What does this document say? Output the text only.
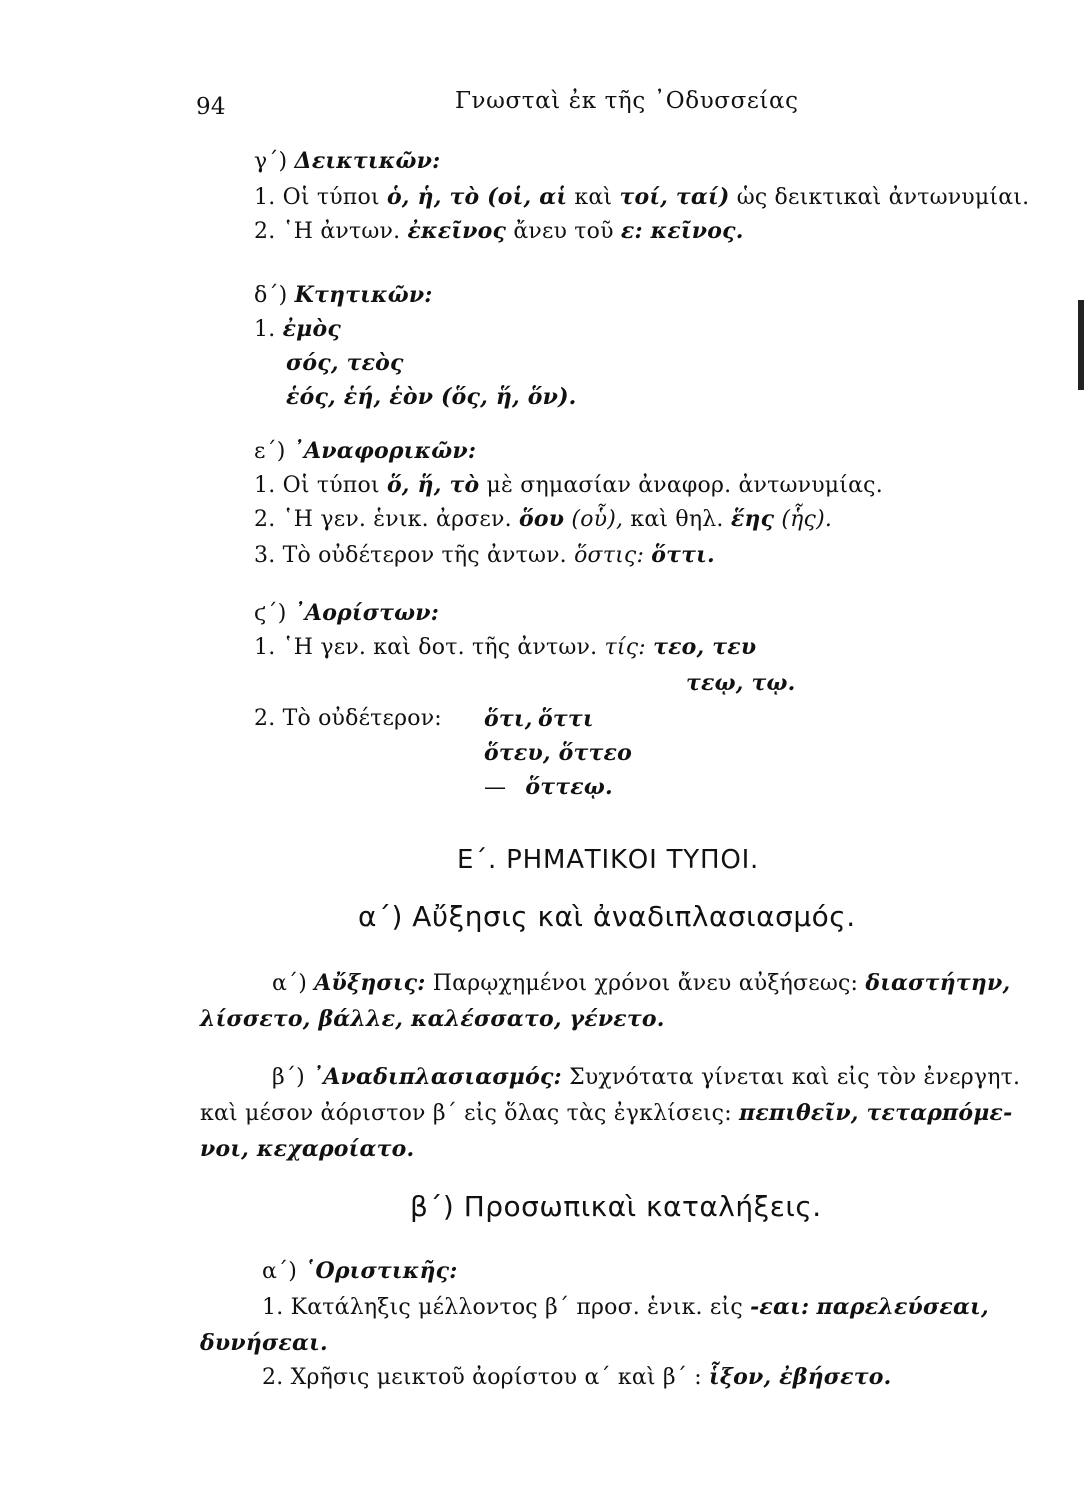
94	Γνωσταὶ ἐκ τῆς ᾿Οδυσσείας
γ΄) Δεικτικῶν:
1. Οἱ τύποι ὁ, ἡ, τὸ (οἱ, αἱ καὶ τοί, ταί) ὡς δεικτικαὶ ἀντωνυμίαι.
2. ῾Η ἀντων. ἐκεῖνος ἄνευ τοῦ ε: κεῖνος.
δ΄) Κτητικῶν:
1. ἐμὸς
σός, τεὸς
ἑός, ἑή, ἑὸν (ὅς, ἥ, ὅν).
ε΄) ᾿Αναφορικῶν:
1. Οἱ τύποι ὅ, ἥ, τὸ μὲ σημασίαν ἀναφορ. ἀντωνυμίας.
2. ῾Η γεν. ἑνικ. ἀρσεν. ὅου (οὗ), καὶ θηλ. ἕης (ἧς).
3. Τὸ οὐδέτερον τῆς ἀντων. ὅστις: ὅττι.
ϛ΄) ᾿Αορίστων:
1. ῾Η γεν. καὶ δοτ. τῆς ἀντων. τίς: τεο, τευ
τεῳ, τῳ.
2. Τὸ οὐδέτερον: ὅτι, ὅττι
ὅτευ, ὅττεο
— ὅττεῳ.
Ε΄. ΡΗΜΑΤΙΚΟΙ ΤΥΠΟΙ.
α΄) Αὔξησις καὶ ἀναδιπλασιασμός.
α΄) Αὔξησις: Παρῳχημένοι χρόνοι ἄνευ αὐξήσεως: διαστήτην,
λίσσετο, βάλλε, καλέσσατο, γένετο.
β΄) ᾿Αναδιπλασιασμός: Συχνότατα γίνεται καὶ εἰς τὸν ἐνεργητ.
καὶ μέσον ἀόριστον β΄ εἰς ὅλας τὰς ἐγκλίσεις: πεπιθεῖν, τεταρπόμε-
νοι, κεχαροίατο.
β΄) Προσωπικαὶ καταλήξεις.
α΄) ῾Οριστικῆς:
1. Κατάληξις μέλλοντος β΄ προσ. ἑνικ. εἰς -εαι: παρελεύσεαι,
δυνήσεαι.
2. Χρῆσις μεικτοῦ ἀορίστου α΄ καὶ β΄ : ἷξον, ἐβήσετο.
